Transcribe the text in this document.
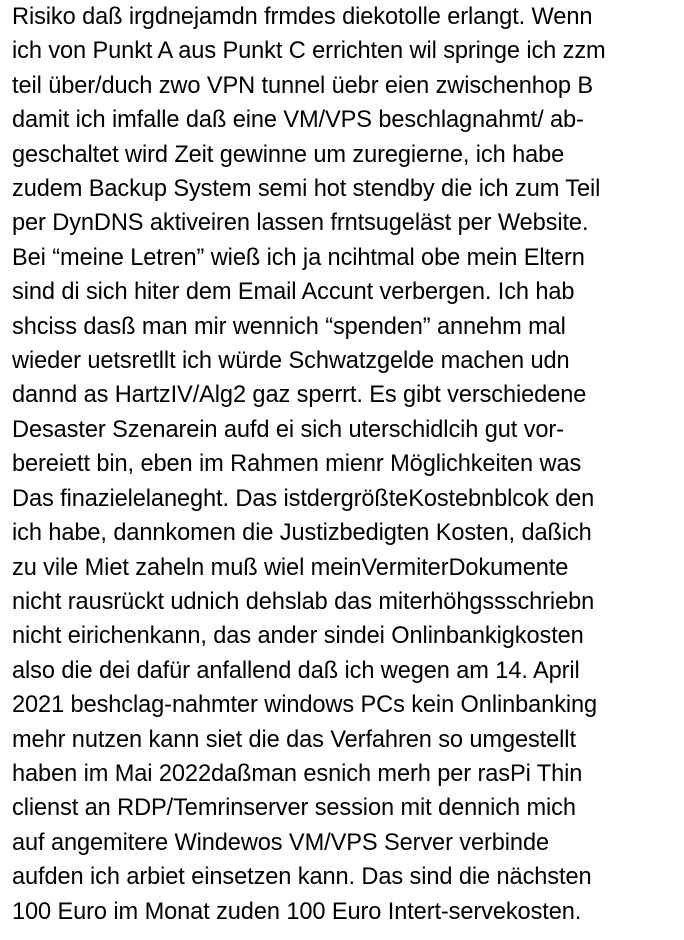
Risiko daß irgdnejamdn frmdes diekotolle erlangt. Wenn
ich von Punkt A aus Punkt C errichten wil springe ich zzm
teil über/duch zwo VPN tunnel üebr eien zwischenhop B
damit ich imfalle daß eine VM/VPS beschlagnahmt/ ab-
geschaltet wird Zeit gewinne um zuregierne, ich habe
zudem Backup System semi hot stendby die ich zum Teil
per DynDNS aktiveiren lassen frntsugeläst per Website.
Bei “meine Letren” wieß ich ja ncihtmal obe mein Eltern
sind di sich hiter dem Email Accunt verbergen. Ich hab
shciss dasß man mir wennich “spenden” annehm mal
wieder uetsretllt ich würde Schwatzgelde machen udn
dannd as HartzIV/Alg2 gaz sperrt. Es gibt verschiedene
Desaster Szenarein aufd ei sich uterschidlcih gut vor-
bereiett bin, eben im Rahmen mienr Möglichkeiten was
Das finazielelaneght. Das istdergrößteKostebnblcok den
ich habe, dannkomen die Justizbedigten Kosten, daßich
zu vile Miet zaheln muß wiel meinVermiterDokumente
nicht rausrückt udnich dehslab das miterhöhgssschriebn
nicht eirichenkann, das ander sindei Onlinbankigkosten
also die dei dafür anfallend daß ich wegen am 14. April
2021 beshclag-nahmter windows PCs kein Onlinbanking
mehr nutzen kann siet die das Verfahren so umgestellt
haben im Mai 2022daßman esnich merh per rasPi Thin
clienst an RDP/Temrinserver session mit dennich mich
auf angemitere Windewos VM/VPS Server verbinde
aufden ich arbiet einsetzen kann. Das sind die nächsten
100 Euro im Monat zuden 100 Euro Intert-servekosten.
